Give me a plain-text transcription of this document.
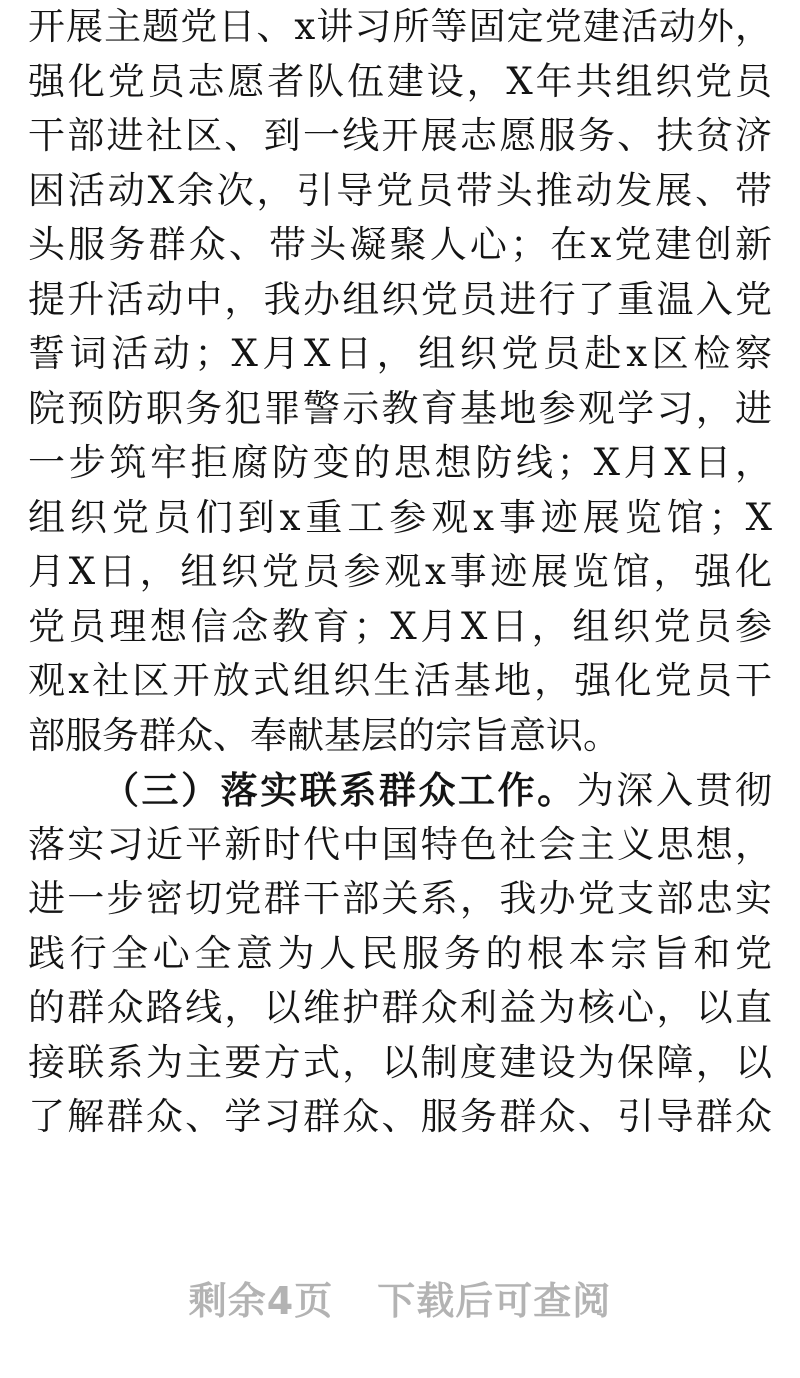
开展主题党日、x讲习所等固定党建活动外，
强化党员志愿者队伍建设，X年共组织党员
干部进社区、到一线开展志愿服务、扶贫济
困活动X余次，引导党员带头推动发展、带
头服务群众、带头凝聚人心；在x党建创新
提升活动中，我办组织党员进行了重温入党
誓词活动；X月X日，组织党员赴x区检察
院预防职务犯罪警示教育基地参观学习，进
一步筑牢拒腐防变的思想防线；X月X日，
组织党员们到x重工参观x事迹展览馆；X
月X日，组织党员参观x事迹展览馆，强化
党员理想信念教育；X月X日，组织党员参
观x社区开放式组织生活基地，强化党员干
部服务群众、奉献基层的宗旨意识。
（三）落实联系群众工作。为深入贯彻
落实习近平新时代中国特色社会主义思想，
进一步密切党群干部关系，我办党支部忠实
践行全心全意为人民服务的根本宗旨和党
的群众路线，以维护群众利益为核心，以直
接联系为主要方式，以制度建设为保障，以
了解群众、学习群众、服务群众、引导群众
剩余4页 下载后可查阅
